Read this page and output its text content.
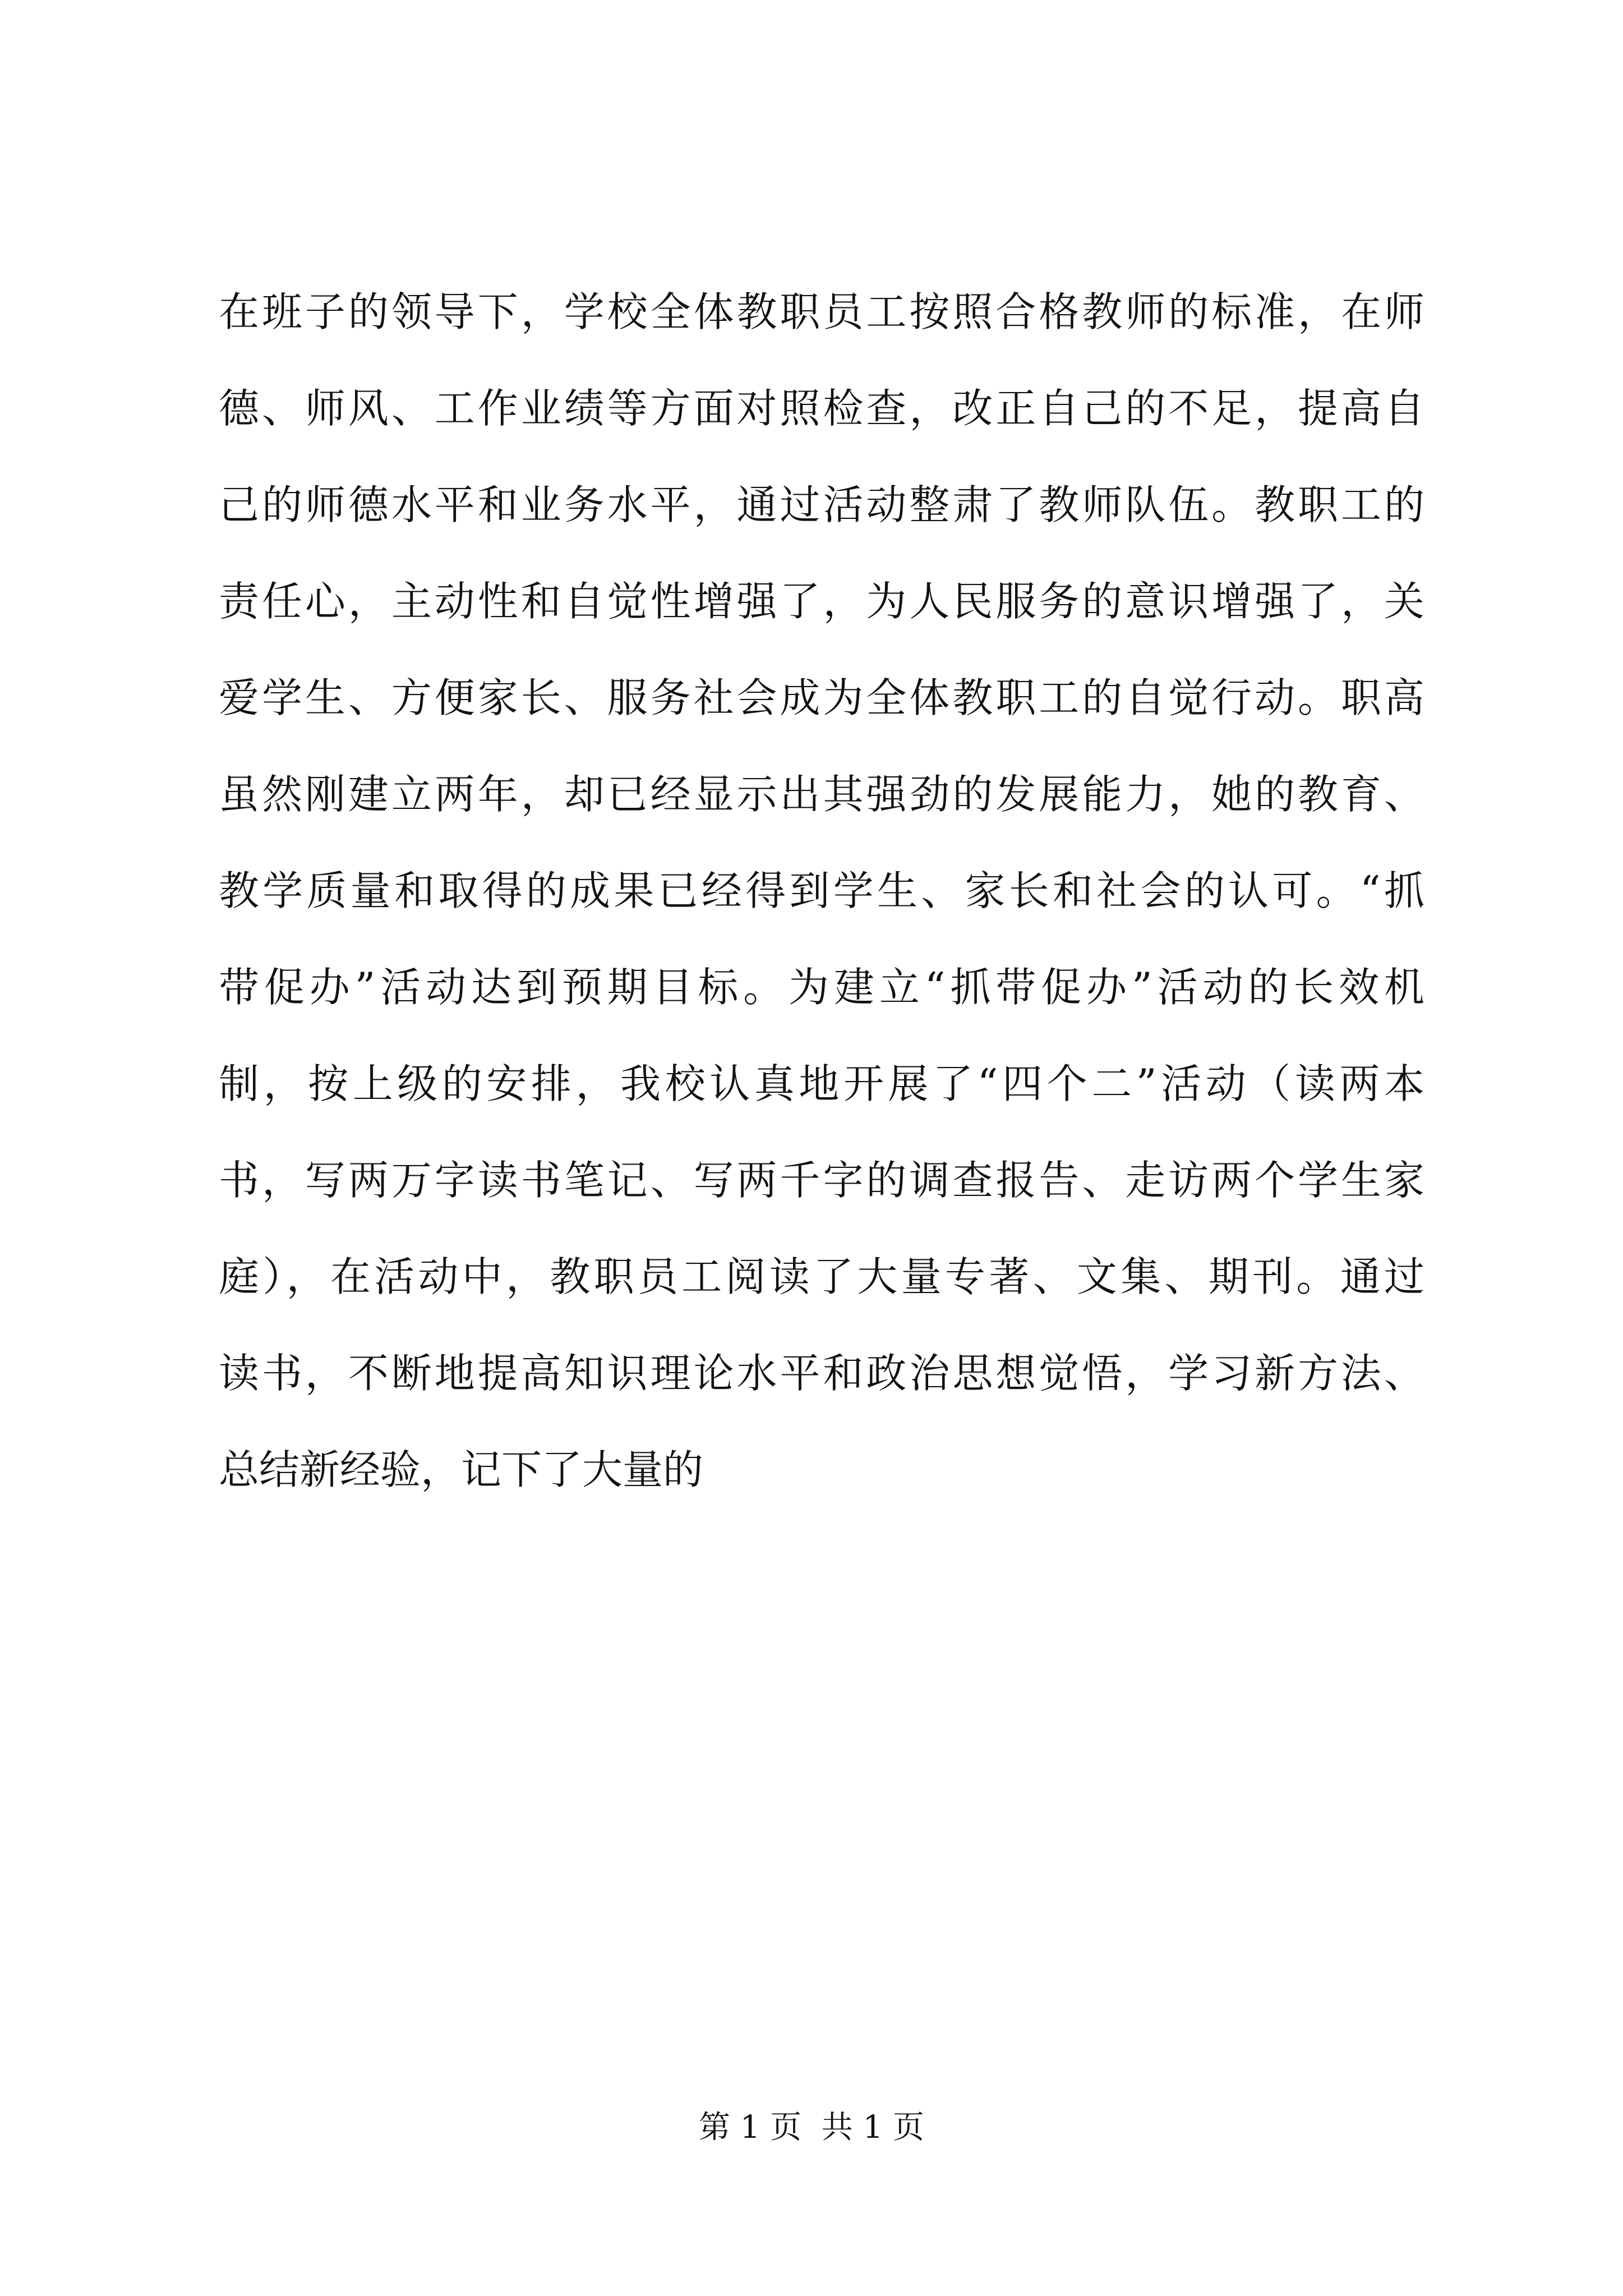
在班子的领导下，学校全体教职员工按照合格教师的标准，在师
德、师风、工作业绩等方面对照检查，改正自己的不足，提高自
己的师德水平和业务水平，通过活动整肃了教师队伍。教职工的
责任心，主动性和自觉性增强了，为人民服务的意识增强了，关
爱学生、方便家长、服务社会成为全体教职工的自觉行动。职高
虽然刚建立两年，却已经显示出其强劲的发展能力，她的教育、
教学质量和取得的成果已经得到学生、家长和社会的认可。“抓
带促办”活动达到预期目标。为建立“抓带促办”活动的长效机
制，按上级的安排，我校认真地开展了“四个二”活动（读两本
书，写两万字读书笔记、写两千字的调查报告、走访两个学生家
庭），在活动中，教职员工阅读了大量专著、文集、期刊。通过
读书，不断地提高知识理论水平和政治思想觉悟，学习新方法、
总结新经验，记下了大量的
第 1 页  共 1 页
